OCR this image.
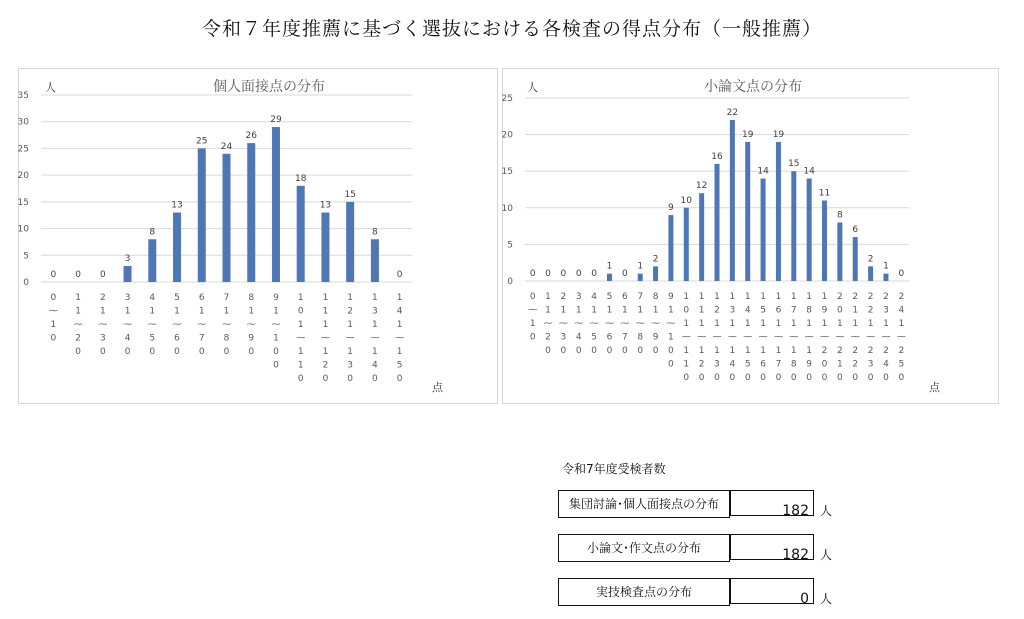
令和７年度推薦に基づく選抜における各検査の得点分布（一般推薦）
個人面接点の分布
人
点
0
5
10
15
20
25
30
35
0
0 ⁓ 1 0
0
1 1 ⁓ 2 0
0
2 1 ⁓ 3 0
3
3 1 ⁓ 4 0
8
4 1 ⁓ 5 0
13
5 1 ⁓ 6 0
25
6 1 ⁓ 7 0
24
7 1 ⁓ 8 0
26
8 1 ⁓ 9 0
29
9 1 ⁓ 1 0 0
18
1 0 1 ⁓ 1 1 0
13
1 1 1 ⁓ 1 2 0
15
1 2 1 ⁓ 1 3 0
8
1 3 1 ⁓ 1 4 0
0
1 4 1 ⁓ 1 5 0
小論文点の分布
人
点
0
5
10
15
20
25
0
0 ⁓ 1 0
0
1 1 ⁓ 2 0
0
2 1 ⁓ 3 0
0
3 1 ⁓ 4 0
0
4 1 ⁓ 5 0
1
5 1 ⁓ 6 0
0
6 1 ⁓ 7 0
1
7 1 ⁓ 8 0
2
8 1 ⁓ 9 0
9
9 1 ⁓ 1 0 0
10
1 0 1 ⁓ 1 1 0
12
1 1 1 ⁓ 1 2 0
16
1 2 1 ⁓ 1 3 0
22
1 3 1 ⁓ 1 4 0
19
1 4 1 ⁓ 1 5 0
14
1 5 1 ⁓ 1 6 0
19
1 6 1 ⁓ 1 7 0
15
1 7 1 ⁓ 1 8 0
14
1 8 1 ⁓ 1 9 0
11
1 9 1 ⁓ 2 0 0
8
2 0 1 ⁓ 2 1 0
6
2 1 1 ⁓ 2 2 0
2
2 2 1 ⁓ 2 3 0
1
2 3 1 ⁓ 2 4 0
0
2 4 1 ⁓ 2 5 0
令和7年度受検者数
集団討論･個人面接点の分布	182 人
小論文･作文点の分布	182 人
実技検査点の分布	0 人
